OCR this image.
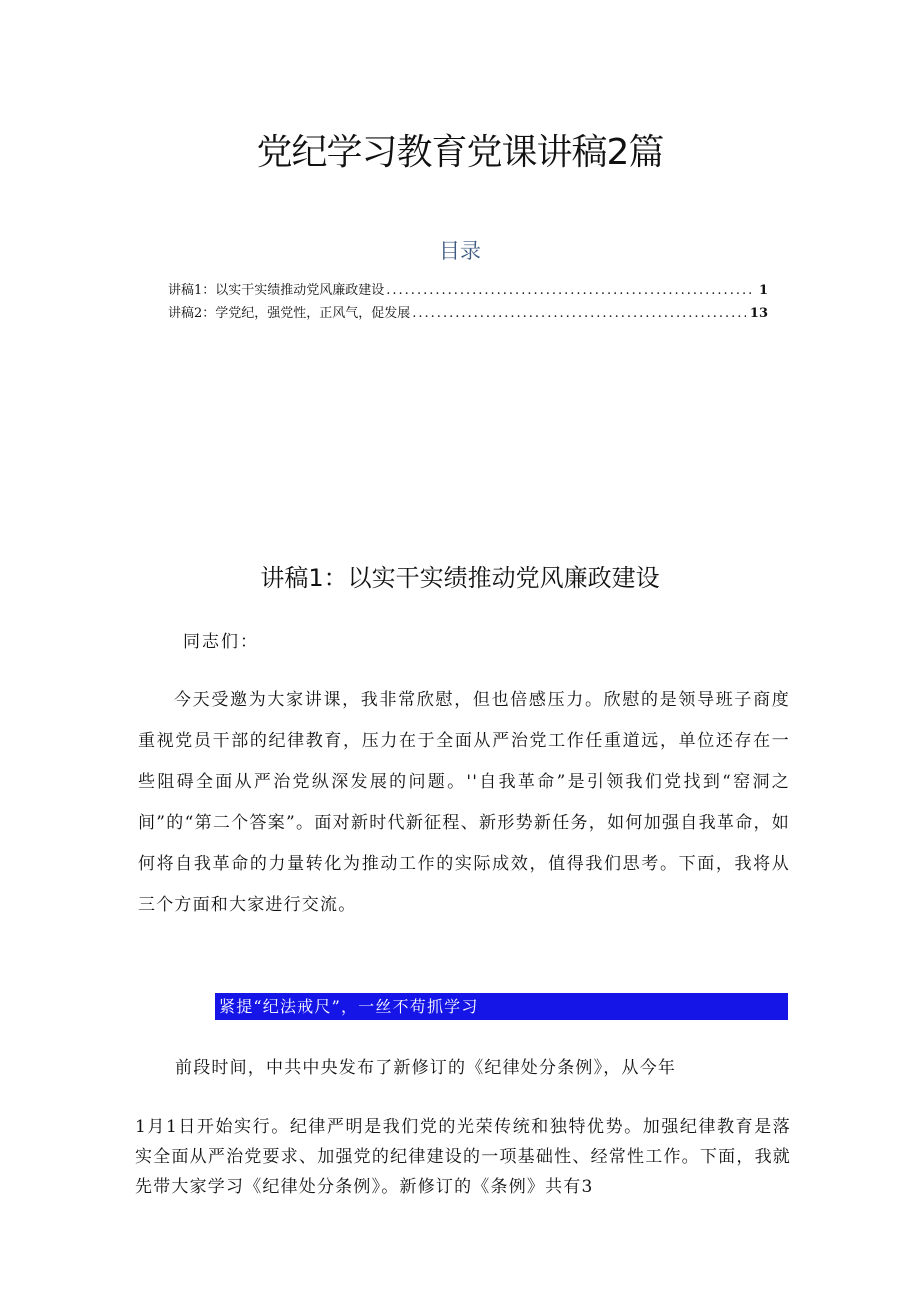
党纪学习教育党课讲稿2篇
目录
讲稿1：以实干实绩推动党风廉政建设 .....	1
讲稿2：学党纪，强党性，正风气，促发展 .....	13
讲稿1：以实干实绩推动党风廉政建设
同志们：

今天受邀为大家讲课，我非常欣慰，但也倍感压力。欣慰的是领导班子商度重视党员干部的纪律教育，压力在于全面从严治党工作任重道远，单位还存在一些阻碍全面从严治党纵深发展的问题。''自我革命”是引领我们党找到“窑洞之间”的“第二个答案”。面对新时代新征程、新形势新任务，如何加强自我革命，如何将自我革命的力量转化为推动工作的实际成效，值得我们思考。下面，我将从三个方面和大家进行交流。

紧提“纪法戒尺”，一丝不苟抓学习
前段时间，中共中央发布了新修订的《纪律处分条例》，从今年
1月1日开始实行。纪律严明是我们党的光荣传统和独特优势。加强纪律教育是落实全面从严治党要求、加强党的纪律建设的一项基础性、经常性工作。下面，我就先带大家学习《纪律处分条例》。新修订的《条例》共有3
